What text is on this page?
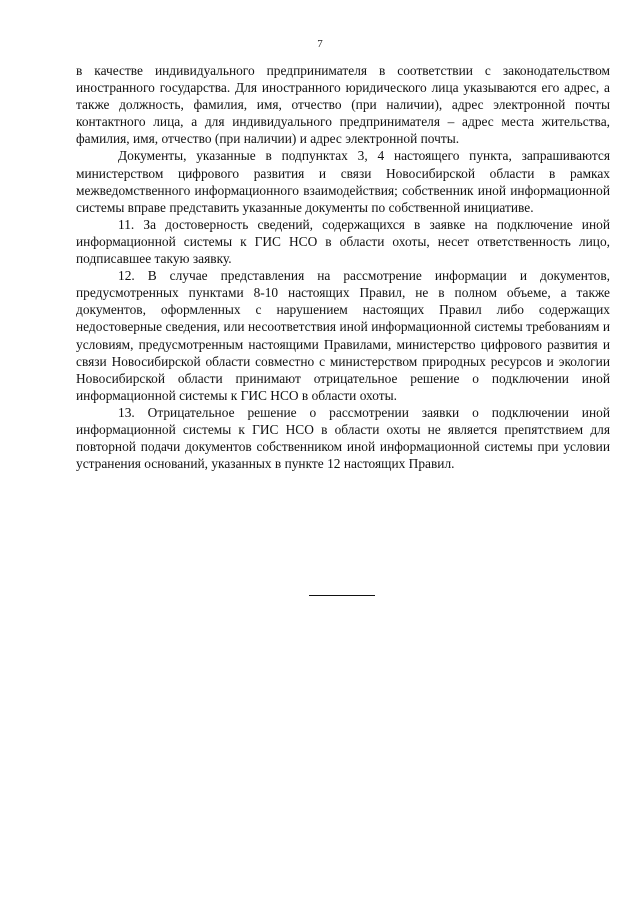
7

в качестве индивидуального предпринимателя в соответствии с законодательством иностранного государства. Для иностранного юридического лица указываются его адрес, а также должность, фамилия, имя, отчество (при наличии), адрес электронной почты контактного лица, а для индивидуального предпринимателя – адрес места жительства, фамилия, имя, отчество (при наличии) и адрес электронной почты.

Документы, указанные в подпунктах 3, 4 настоящего пункта, запрашиваются министерством цифрового развития и связи Новосибирской области в рамках межведомственного информационного взаимодействия; собственник иной информационной системы вправе представить указанные документы по собственной инициативе.

11. За достоверность сведений, содержащихся в заявке на подключение иной информационной системы к ГИС НСО в области охоты, несет ответственность лицо, подписавшее такую заявку.

12. В случае представления на рассмотрение информации и документов, предусмотренных пунктами 8-10 настоящих Правил, не в полном объеме, а также документов, оформленных с нарушением настоящих Правил либо содержащих недостоверные сведения, или несоответствия иной информационной системы требованиям и условиям, предусмотренным настоящими Правилами, министерство цифрового развития и связи Новосибирской области совместно с министерством природных ресурсов и экологии Новосибирской области принимают отрицательное решение о подключении иной информационной системы к ГИС НСО в области охоты.

13. Отрицательное решение о рассмотрении заявки о подключении иной информационной системы к ГИС НСО в области охоты не является препятствием для повторной подачи документов собственником иной информационной системы при условии устранения оснований, указанных в пункте 12 настоящих Правил.
